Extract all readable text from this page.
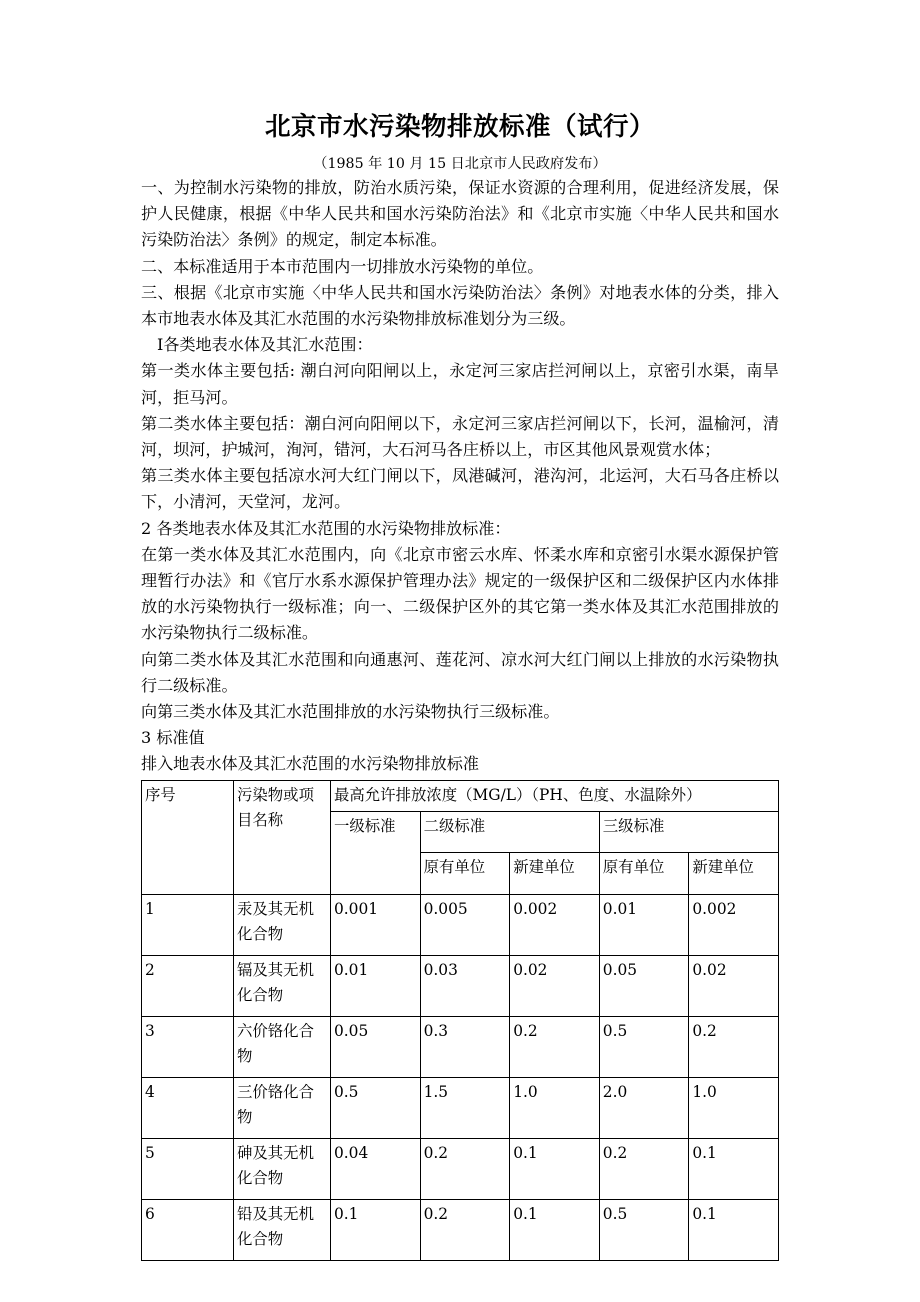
北京市水污染物排放标准（试行）
（1985 年 10 月 15 日北京市人民政府发布）

一、为控制水污染物的排放，防治水质污染，保证水资源的合理利用，促进经济发展，保护人民健康，根据《中华人民共和国水污染防治法》和《北京市实施〈中华人民共和国水污染防治法〉条例》的规定，制定本标准。

二、本标准适用于本市范围内一切排放水污染物的单位。

三、根据《北京市实施〈中华人民共和国水污染防治法〉条例》对地表水体的分类，排入本市地表水体及其汇水范围的水污染物排放标准划分为三级。

Ⅰ各类地表水体及其汇水范围：

第一类水体主要包括: 潮白河向阳闸以上，永定河三家店拦河闸以上，京密引水渠，南旱河，拒马河。

第二类水体主要包括：潮白河向阳闸以下，永定河三家店拦河闸以下，长河，温榆河，清河，坝河，护城河，洵河，错河，大石河马各庄桥以上，市区其他风景观赏水体；

第三类水体主要包括凉水河大红门闸以下，凤港碱河，港沟河，北运河，大石马各庄桥以下，小清河，天堂河，龙河。

2 各类地表水体及其汇水范围的水污染物排放标准：

在第一类水体及其汇水范围内，向《北京市密云水库、怀柔水库和京密引水渠水源保护管理暂行办法》和《官厅水系水源保护管理办法》规定的一级保护区和二级保护区内水体排放的水污染物执行一级标准；向一、二级保护区外的其它第一类水体及其汇水范围排放的水污染物执行二级标准。

向第二类水体及其汇水范围和向通惠河、莲花河、凉水河大红门闸以上排放的水污染物执行二级标准。

向第三类水体及其汇水范围排放的水污染物执行三级标准。

3 标准值

排入地表水体及其汇水范围的水污染物排放标准
序号	污染物或项目名称	最高允许排放浓度（MG/L）（PH、色度、水温除外）				
		一级标准	二级标准		三级标准	
			原有单位	新建单位	原有单位	新建单位
1	汞及其无机化合物	0.001	0.005	0.002	0.01	0.002
2	镉及其无机化合物	0.01	0.03	0.02	0.05	0.02
3	六价铬化合物	0.05	0.3	0.2	0.5	0.2
4	三价铬化合物	0.5	1.5	1.0	2.0	1.0
5	砷及其无机化合物	0.04	0.2	0.1	0.2	0.1
6	铅及其无机化合物	0.1	0.2	0.1	0.5	0.1
